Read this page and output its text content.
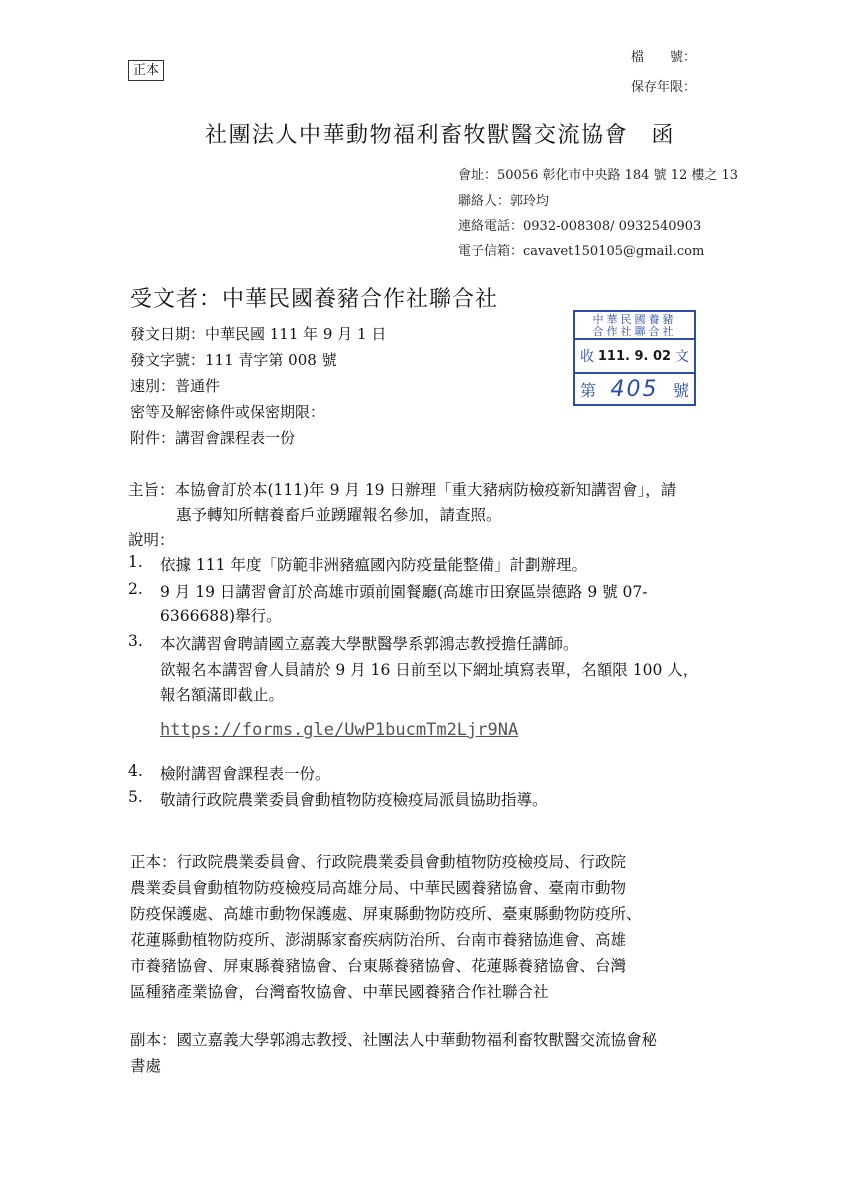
正本
檔　　號：
保存年限：
社團法人中華動物福利畜牧獸醫交流協會　函
會址：50056 彰化市中央路 184 號 12 樓之 13
聯絡人：郭玲均
連絡電話：0932-008308/ 0932540903
電子信箱：cavavet150105@gmail.com
受文者：中華民國養豬合作社聯合社
發文日期：中華民國 111 年 9 月 1 日
發文字號：111 青字第 008 號
速別：普通件
密等及解密條件或保密期限：
附件：講習會課程表一份
中華民國養豬
合作社聯合社
收 111. 9. 02 文
第 405 號
主旨：本協會訂於本(111)年 9 月 19 日辦理「重大豬病防檢疫新知講習會」，請
惠予轉知所轄養畜戶並踴躍報名參加，請查照。
說明：
1. 依據 111 年度「防範非洲豬瘟國內防疫量能整備」計劃辦理。
2. 9 月 19 日講習會訂於高雄市頭前園餐廳(高雄市田寮區崇德路 9 號 07-
6366688)舉行。
3. 本次講習會聘請國立嘉義大學獸醫學系郭鴻志教授擔任講師。
欲報名本講習會人員請於 9 月 16 日前至以下網址填寫表單，名額限 100 人，
報名額滿即截止。
https://forms.gle/UwP1bucmTm2Ljr9NA
4. 檢附講習會課程表一份。
5. 敬請行政院農業委員會動植物防疫檢疫局派員協助指導。
正本：行政院農業委員會、行政院農業委員會動植物防疫檢疫局、行政院
農業委員會動植物防疫檢疫局高雄分局、中華民國養豬協會、臺南市動物
防疫保護處、高雄市動物保護處、屏東縣動物防疫所、臺東縣動物防疫所、
花蓮縣動植物防疫所、澎湖縣家畜疾病防治所、台南市養豬協進會、高雄
市養豬協會、屏東縣養豬協會、台東縣養豬協會、花蓮縣養豬協會、台灣
區種豬產業協會，台灣畜牧協會、中華民國養豬合作社聯合社
副本：國立嘉義大學郭鴻志教授、社團法人中華動物福利畜牧獸醫交流協會秘
書處
